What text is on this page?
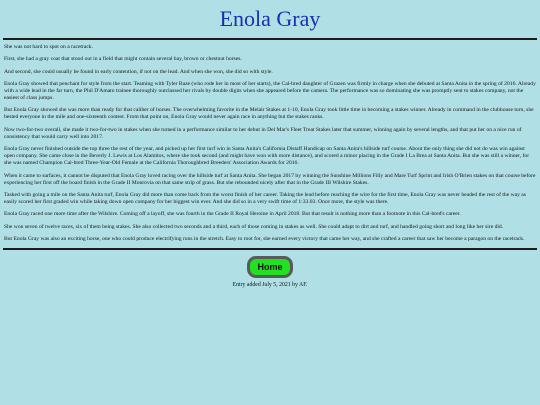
Enola Gray

She was not hard to spot on a racetrack.

First, she had a gray coat that stood out in a field that might contain several bay, brown or chestnut horses.

And second, she could usually be found in early contention, if not on the lead. And when she won, she did so with style.

Enola Gray showed that penchant for style from the start. Teaming with Tyler Baze (who rode her in most of her starts), the Cal-bred daughter of Grazen was firmly in charge when she debuted at Santa Anita in the spring of 2016. Already with a wide lead in the far turn, the Phil D'Amato trainee thoroughly outclassed her rivals by double digits when she appeared before the camera. The performance was so dominating she was promptly sent to stakes company, not the easiest of class jumps.

But Enola Gray showed she was more than ready for that caliber of horses. The overwhelming favorite in the Melair Stakes at 1-10, Enola Gray took little time in becoming a stakes winner. Already in command in the clubhouse turn, she bested everyone in the mile and one-sixteenth contest. From that point on, Enola Gray would never again race in anything but the stakes ranks.

Now two-for-two overall, she made it two-for-two in stakes when she turned in a performance similar to her debut in Del Mar's Fleet Treat Stakes later that summer, winning again by several lengths, and that put her on a nice run of consistency that would carry well into 2017.

Enola Gray never finished outside the top three the rest of the year, and picked up her first turf win in Santa Anita's California Distaff Handicap on Santa Anita's hillside turf course. About the only thing she did not do was win against open company. She came close in the Beverly J. Lewis at Los Alamitos, where she took second (and might have won with more distance), and scored a minor placing in the Grade I La Brea at Santa Anita. But she was still a winner, for she was named Champion Cal-bred Three-Year-Old Female at the California Thoroughbred Breeders' Association Awards for 2016.

When it came to surfaces, it cannot be disputed that Enola Gray loved racing over the hillside turf at Santa Anita. She began 2017 by winning the Sunshine Millions Filly and Mare Turf Sprint and Irish O'Brien stakes on that course before experiencing her first off the board finish in the Grade II Monrovia on that same strip of grass. But she rebounded nicely after that in the Grade III Wilshire Stakes.

Tasked with going a mile on the Santa Anita turf, Enola Gray did more than come back from the worst finish of her career. Taking the lead before reaching the wire for the first time, Enola Gray was never headed the rest of the way as easily scored her first graded win while taking down open company for her biggest win ever. And she did so in a very swift time of 1:33.03. Once more, the style was there.

Enola Gray raced one more time after the Wilshire. Coming off a layoff, she was fourth in the Grade II Royal Heroine in April 2018. But that result is nothing more than a footnote in this Cal-bred's career.

She won seven of twelve races, six of them being stakes. She also collected two seconds and a third, each of those coming in stakes as well. She could adapt to dirt and turf, and handled going short and long like her sire did.

But Enola Gray was also an exciting horse, one who could produce electrifying runs in the stretch. Easy to root for, she earned every victory that came her way, and she crafted a career that saw her become a paragon on the racetrack.

Home
Entry added July 5, 2021 by AF.
